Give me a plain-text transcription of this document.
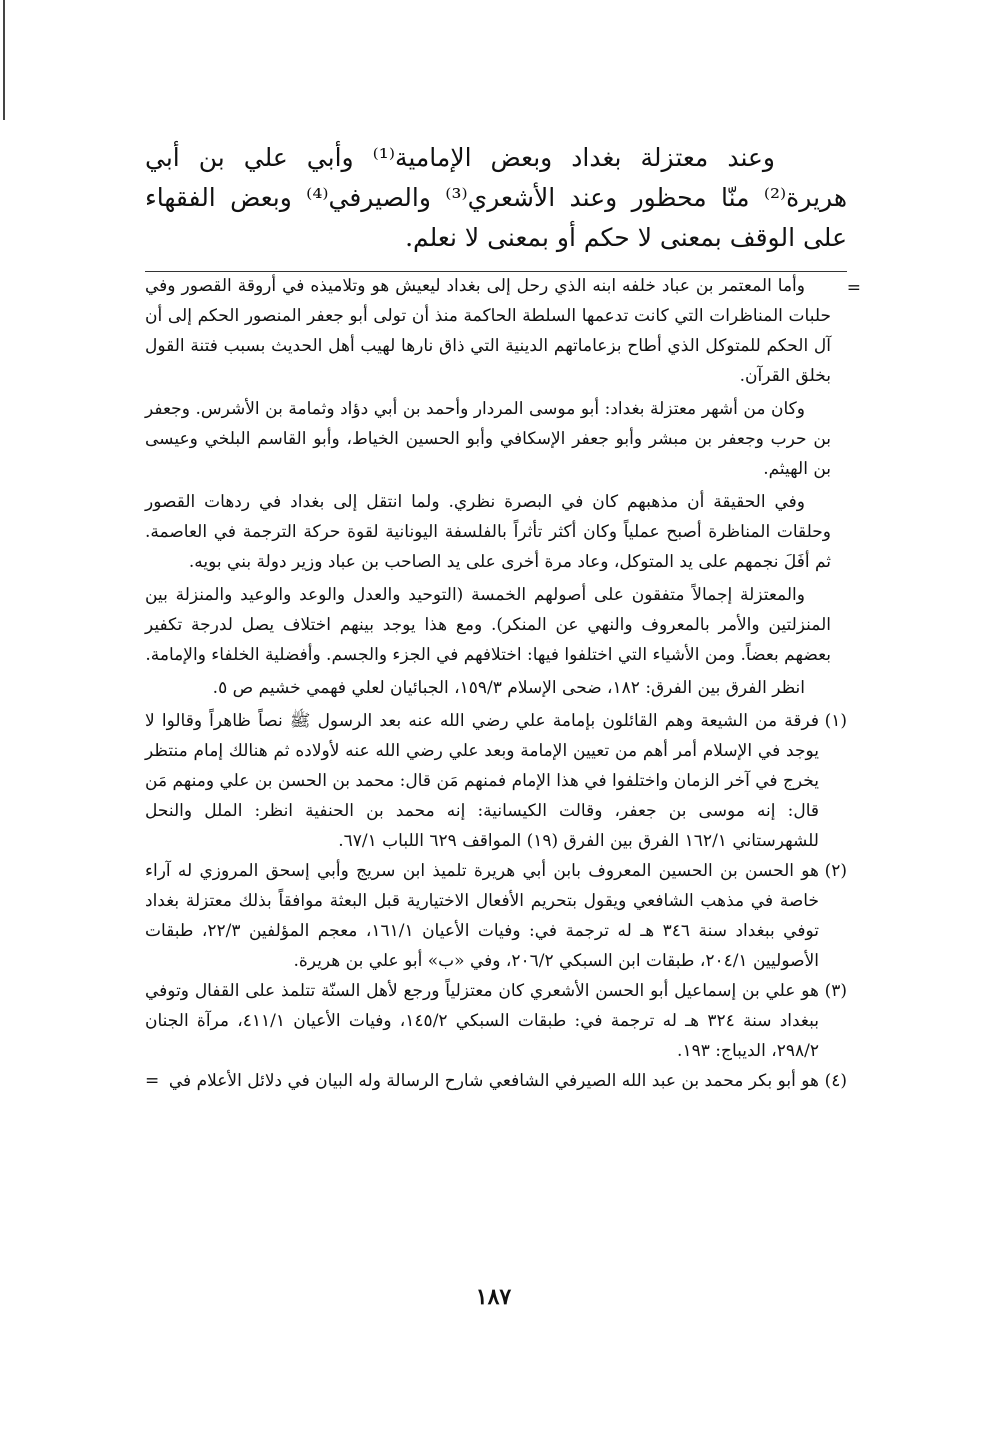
وعند معتزلة بغداد وبعض الإمامية⁽¹⁾ وأبي علي بن أبي هريرة⁽²⁾ منّا محظور وعند الأشعري⁽³⁾ والصيرفي⁽⁴⁾ وبعض الفقهاء على الوقف بمعنى لا حكم أو بمعنى لا نعلم.

=

وأما المعتمر بن عباد خلفه ابنه الذي رحل إلى بغداد ليعيش هو وتلاميذه في أروقة القصور وفي حلبات المناظرات التي كانت تدعمها السلطة الحاكمة منذ أن تولى أبو جعفر المنصور الحكم إلى أن آل الحكم للمتوكل الذي أطاح بزعاماتهم الدينية التي ذاق نارها لهيب أهل الحديث بسبب فتنة القول بخلق القرآن.

وكان من أشهر معتزلة بغداد: أبو موسى المردار وأحمد بن أبي دؤاد وثمامة بن الأشرس. وجعفر بن حرب وجعفر بن مبشر وأبو جعفر الإسكافي وأبو الحسين الخياط، وأبو القاسم البلخي وعيسى بن الهيثم.

وفي الحقيقة أن مذهبهم كان في البصرة نظري. ولما انتقل إلى بغداد في ردهات القصور وحلقات المناظرة أصبح عملياً وكان أكثر تأثراً بالفلسفة اليونانية لقوة حركة الترجمة في العاصمة. ثم أفَلَ نجمهم على يد المتوكل، وعاد مرة أخرى على يد الصاحب بن عباد وزير دولة بني بويه.

والمعتزلة إجمالاً متفقون على أصولهم الخمسة (التوحيد والعدل والوعد والوعيد والمنزلة بين المنزلتين والأمر بالمعروف والنهي عن المنكر). ومع هذا يوجد بينهم اختلاف يصل لدرجة تكفير بعضهم بعضاً. ومن الأشياء التي اختلفوا فيها: اختلافهم في الجزء والجسم. وأفضلية الخلفاء والإمامة.

انظر الفرق بين الفرق: ١٨٢، ضحى الإسلام ١٥٩/٣، الجبائيان لعلي فهمي خشيم ص ٥.

(١)
فرقة من الشيعة وهم القائلون بإمامة علي رضي الله عنه بعد الرسول ﷺ نصاً ظاهراً وقالوا لا يوجد في الإسلام أمر أهم من تعيين الإمامة وبعد علي رضي الله عنه لأولاده ثم هنالك إمام منتظر يخرج في آخر الزمان واختلفوا في هذا الإمام فمنهم مَن قال: محمد بن الحسن بن علي ومنهم مَن قال: إنه موسى بن جعفر، وقالت الكيسانية: إنه محمد بن الحنفية انظر: الملل والنحل للشهرستاني ١٦٢/١ الفرق بين الفرق (١٩) المواقف ٦٢٩ اللباب ٦٧/١.
(٢)
هو الحسن بن الحسين المعروف بابن أبي هريرة تلميذ ابن سريج وأبي إسحق المروزي له آراء خاصة في مذهب الشافعي ويقول بتحريم الأفعال الاختيارية قبل البعثة موافقاً بذلك معتزلة بغداد توفي ببغداد سنة ٣٤٦ هـ له ترجمة في: وفيات الأعيان ١٦١/١، معجم المؤلفين ٢٢/٣، طبقات الأصوليين ٢٠٤/١، طبقات ابن السبكي ٢٠٦/٢، وفي «ب» أبو علي بن هريرة.
(٣)
هو علي بن إسماعيل أبو الحسن الأشعري كان معتزلياً ورجع لأهل السنّة تتلمذ على القفال وتوفي ببغداد سنة ٣٢٤ هـ له ترجمة في: طبقات السبكي ١٤٥/٢، وفيات الأعيان ٤١١/١، مرآة الجنان ٢٩٨/٢، الديباج: ١٩٣.
(٤)
هو أبو بكر محمد بن عبد الله الصيرفي الشافعي شارح الرسالة وله البيان في دلائل الأعلام في
=
١٨٧
